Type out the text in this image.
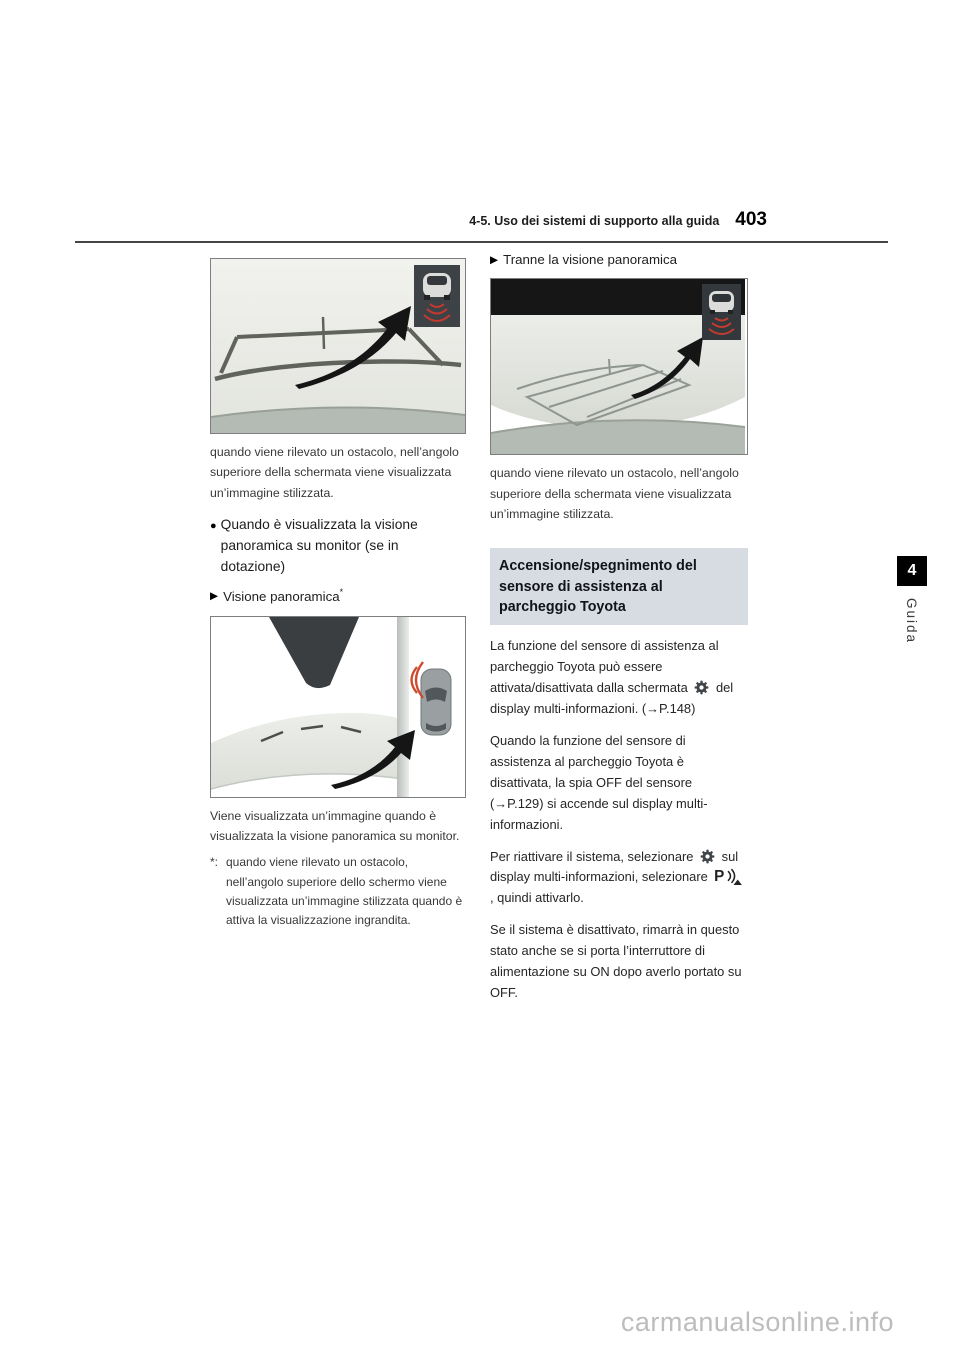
4-5. Uso dei sistemi di supporto alla guida 403
4
Guida

quando viene rilevato un ostacolo, nell’angolo superiore della schermata viene visualizzata un’immagine stilizzata.

● Quando è visualizzata la visione panoramica su monitor (se in dotazione)
▶ Visione panoramica*

Viene visualizzata un’immagine quando è visualizzata la visione panoramica su monitor.

*: quando viene rilevato un ostacolo, nell’angolo superiore dello schermo viene visualizzata un’immagine stilizzata quando è attiva la visualizzazione ingrandita.
▶ Tranne la visione panoramica

quando viene rilevato un ostacolo, nell’angolo superiore della schermata viene visualizzata un’immagine stilizzata.

Accensione/spegnimento del sensore di assistenza al parcheggio Toyota

La funzione del sensore di assistenza al parcheggio Toyota può essere attivata/disattivata dalla schermata del display multi-informazioni. (→P.148)

Quando la funzione del sensore di assistenza al parcheggio Toyota è disattivata, la spia OFF del sensore (→P.129) si accende sul display multi-informazioni.

Per riattivare il sistema, selezionare sul display multi-informazioni, selezionare P
, quindi attivarlo.

Se il sistema è disattivato, rimarrà in questo stato anche se si porta l’interruttore di alimentazione su ON dopo averlo portato su OFF.

carmanualsonline.info
